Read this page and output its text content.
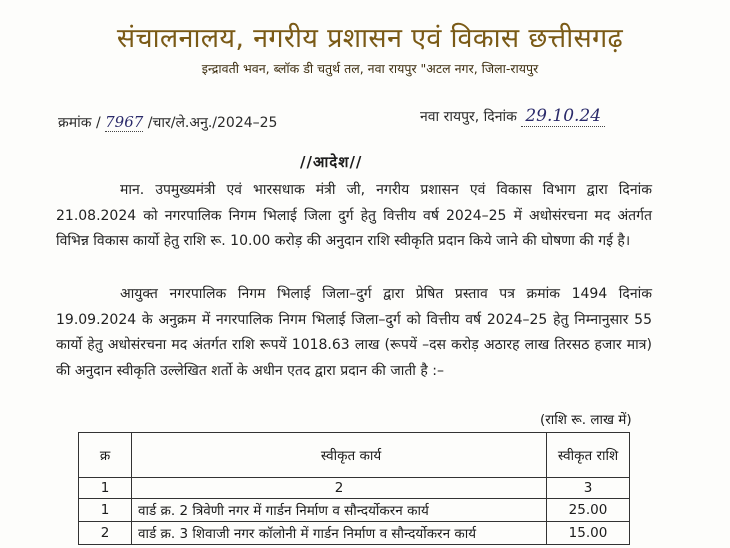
संचालनालय, नगरीय प्रशासन एवं विकास छत्तीसगढ़
इन्द्रावती भवन, ब्लॉक डी चतुर्थ तल, नवा रायपुर "अटल नगर, जिला-रायपुर
क्रमांक / 7967 /चार/ले.अनु./2024–25	नवा रायपुर, दिनांक 29.10.24
//आदेश//
मान. उपमुख्यमंत्री एवं भारसधाक मंत्री जी, नगरीय प्रशासन एवं विकास विभाग द्वारा दिनांक 21.08.2024 को नगरपालिक निगम भिलाई जिला दुर्ग हेतु वित्तीय वर्ष 2024–25 में अधोसंरचना मद अंतर्गत विभिन्न विकास कार्यो हेतु राशि रू. 10.00 करोड़ की अनुदान राशि स्वीकृति प्रदान किये जाने की घोषणा की गई है।
आयुक्त नगरपालिक निगम भिलाई जिला–दुर्ग द्वारा प्रेषित प्रस्ताव पत्र क्रमांक 1494 दिनांक 19.09.2024 के अनुक्रम में नगरपालिक निगम भिलाई जिला–दुर्ग को वित्तीय वर्ष 2024–25 हेतु निम्नानुसार 55 कार्यो हेतु अधोसंरचना मद अंतर्गत राशि रूपयें 1018.63 लाख (रूपयें –दस करोड़ अठारह लाख तिरसठ हजार मात्र) की अनुदान स्वीकृति उल्लेखित शर्तो के अधीन एतद द्वारा प्रदान की जाती है :–
(राशि रू. लाख में)
क्र	स्वीकृत कार्य	स्वीकृत राशि
1	2	3
1	वार्ड क्र. 2 त्रिवेणी नगर में गार्डन निर्माण व सौन्दर्योकरन कार्य	25.00
2	वार्ड क्र. 3 शिवाजी नगर कॉलोनी में गार्डन निर्माण व सौन्दर्योकरन कार्य	15.00
